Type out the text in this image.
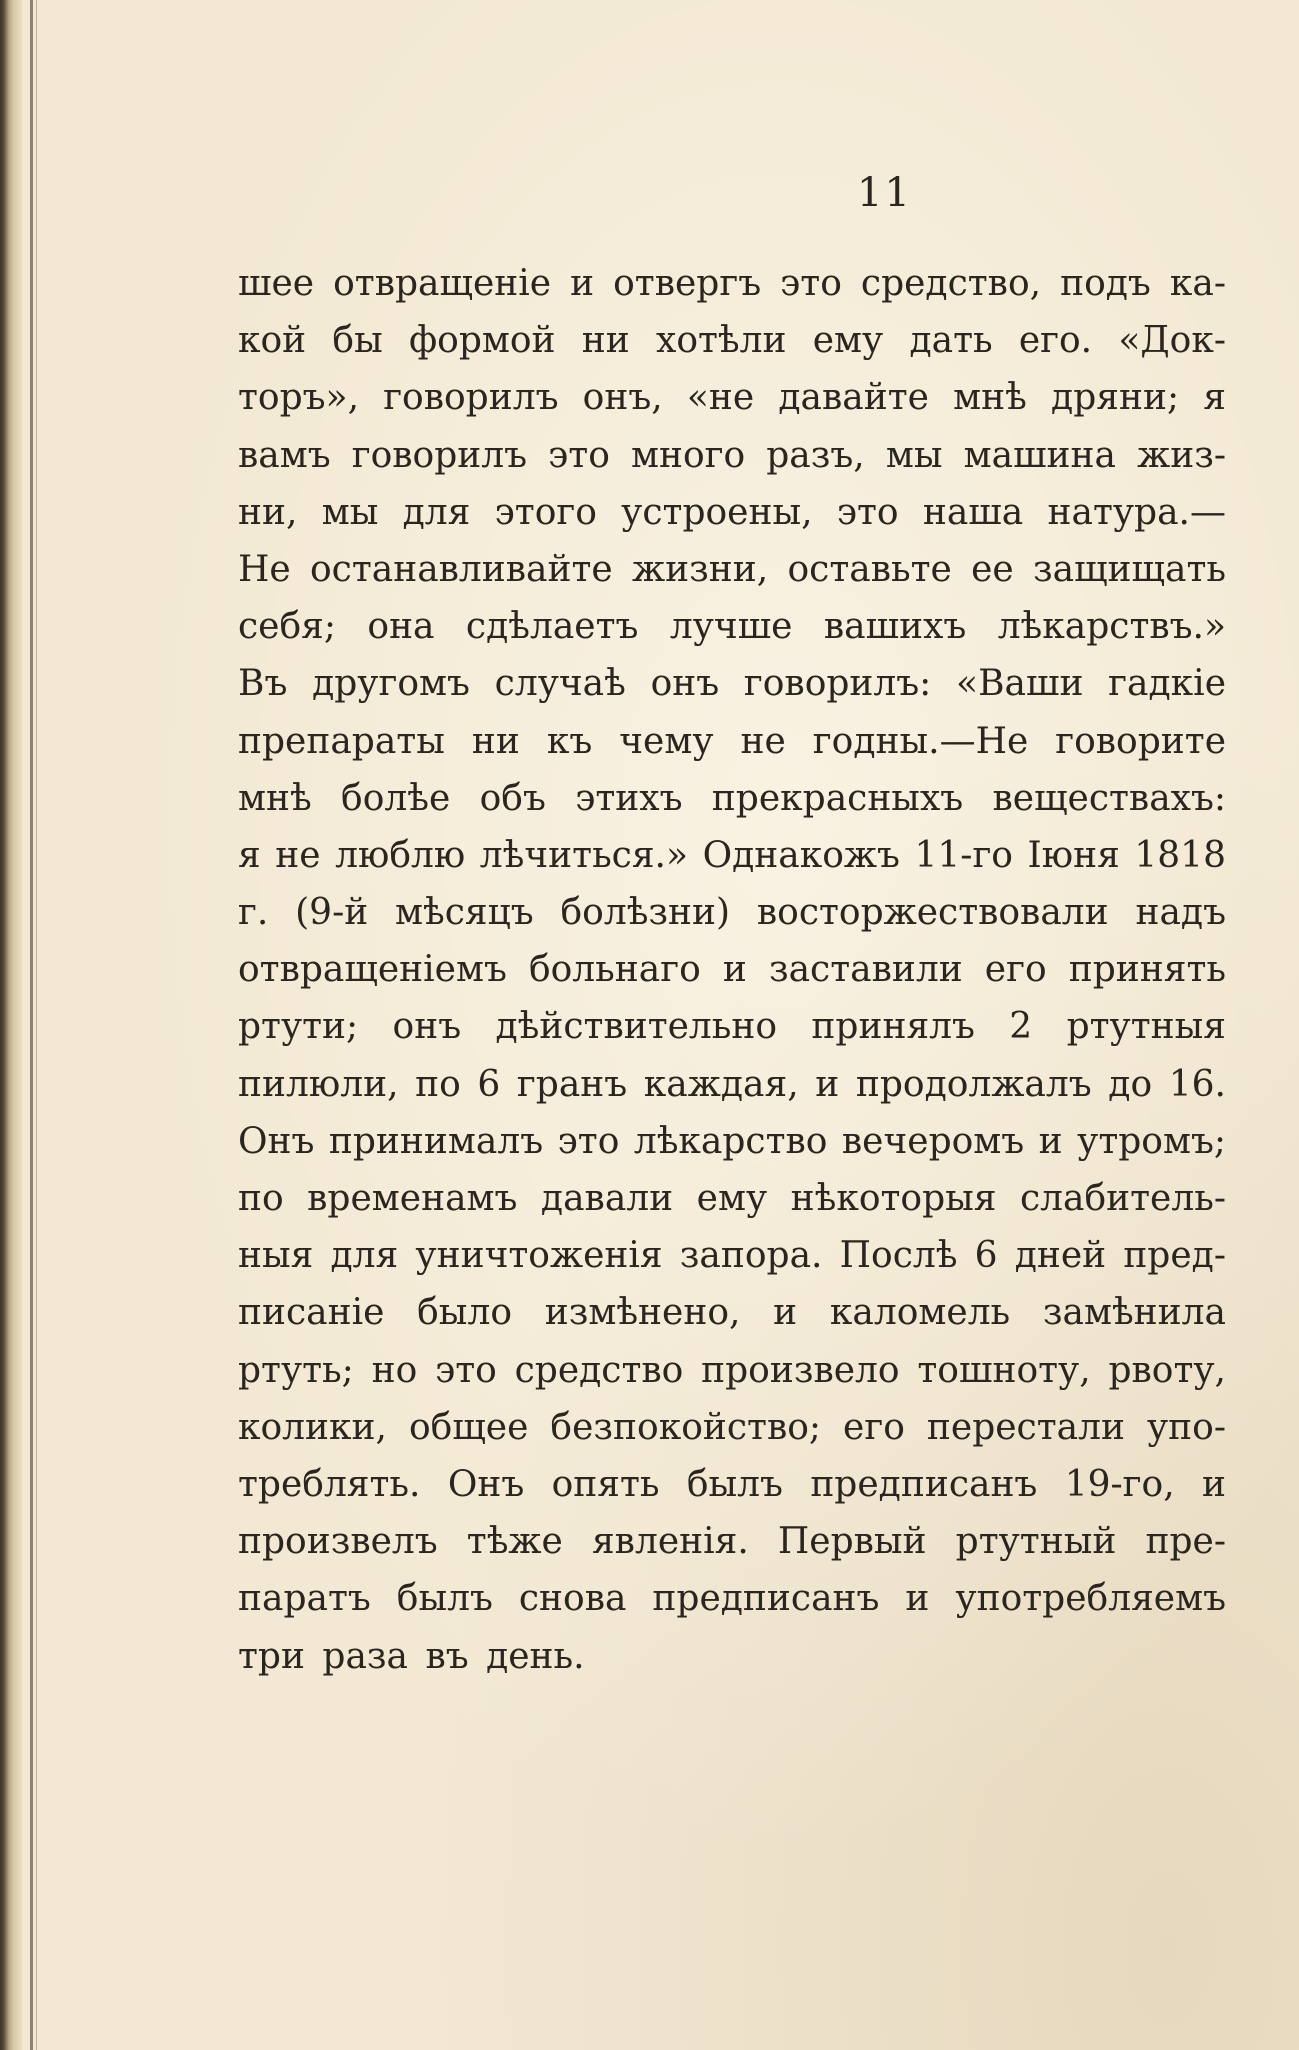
11
шее отвращенiе и отвергъ это средство, подъ ка-
кой бы формой ни хотѣли ему дать его. «Док-
торъ», говорилъ онъ, «не давайте мнѣ дряни; я
вамъ говорилъ это много разъ, мы машина жиз-
ни, мы для этого устроены, это наша натура.—
Не останавливайте жизни, оставьте ее защищать
себя; она сдѣлаетъ лучше вашихъ лѣкарствъ.»
Въ другомъ случаѣ онъ говорилъ: «Ваши гадкiе
препараты ни къ чему не годны.—Не говорите
мнѣ болѣе объ этихъ прекрасныхъ веществахъ:
я не люблю лѣчиться.» Однакожъ 11-го Iюня 1818
г. (9-й мѣсяцъ болѣзни) восторжествовали надъ
отвращенiемъ больнаго и заставили его принять
ртути; онъ дѣйствительно принялъ 2 ртутныя
пилюли, по 6 гранъ каждая, и продолжалъ до 16.
Онъ принималъ это лѣкарство вечеромъ и утромъ;
по временамъ давали ему нѣкоторыя слабитель-
ныя для уничтоженiя запора. Послѣ 6 дней пред-
писанiе было измѣнено, и каломель замѣнила
ртуть; но это средство произвело тошноту, рвоту,
колики, общее безпокойство; его перестали упо-
треблять. Онъ опять былъ предписанъ 19-го, и
произвелъ тѣже явленiя. Первый ртутный пре-
паратъ былъ снова предписанъ и употребляемъ
три раза въ день.
